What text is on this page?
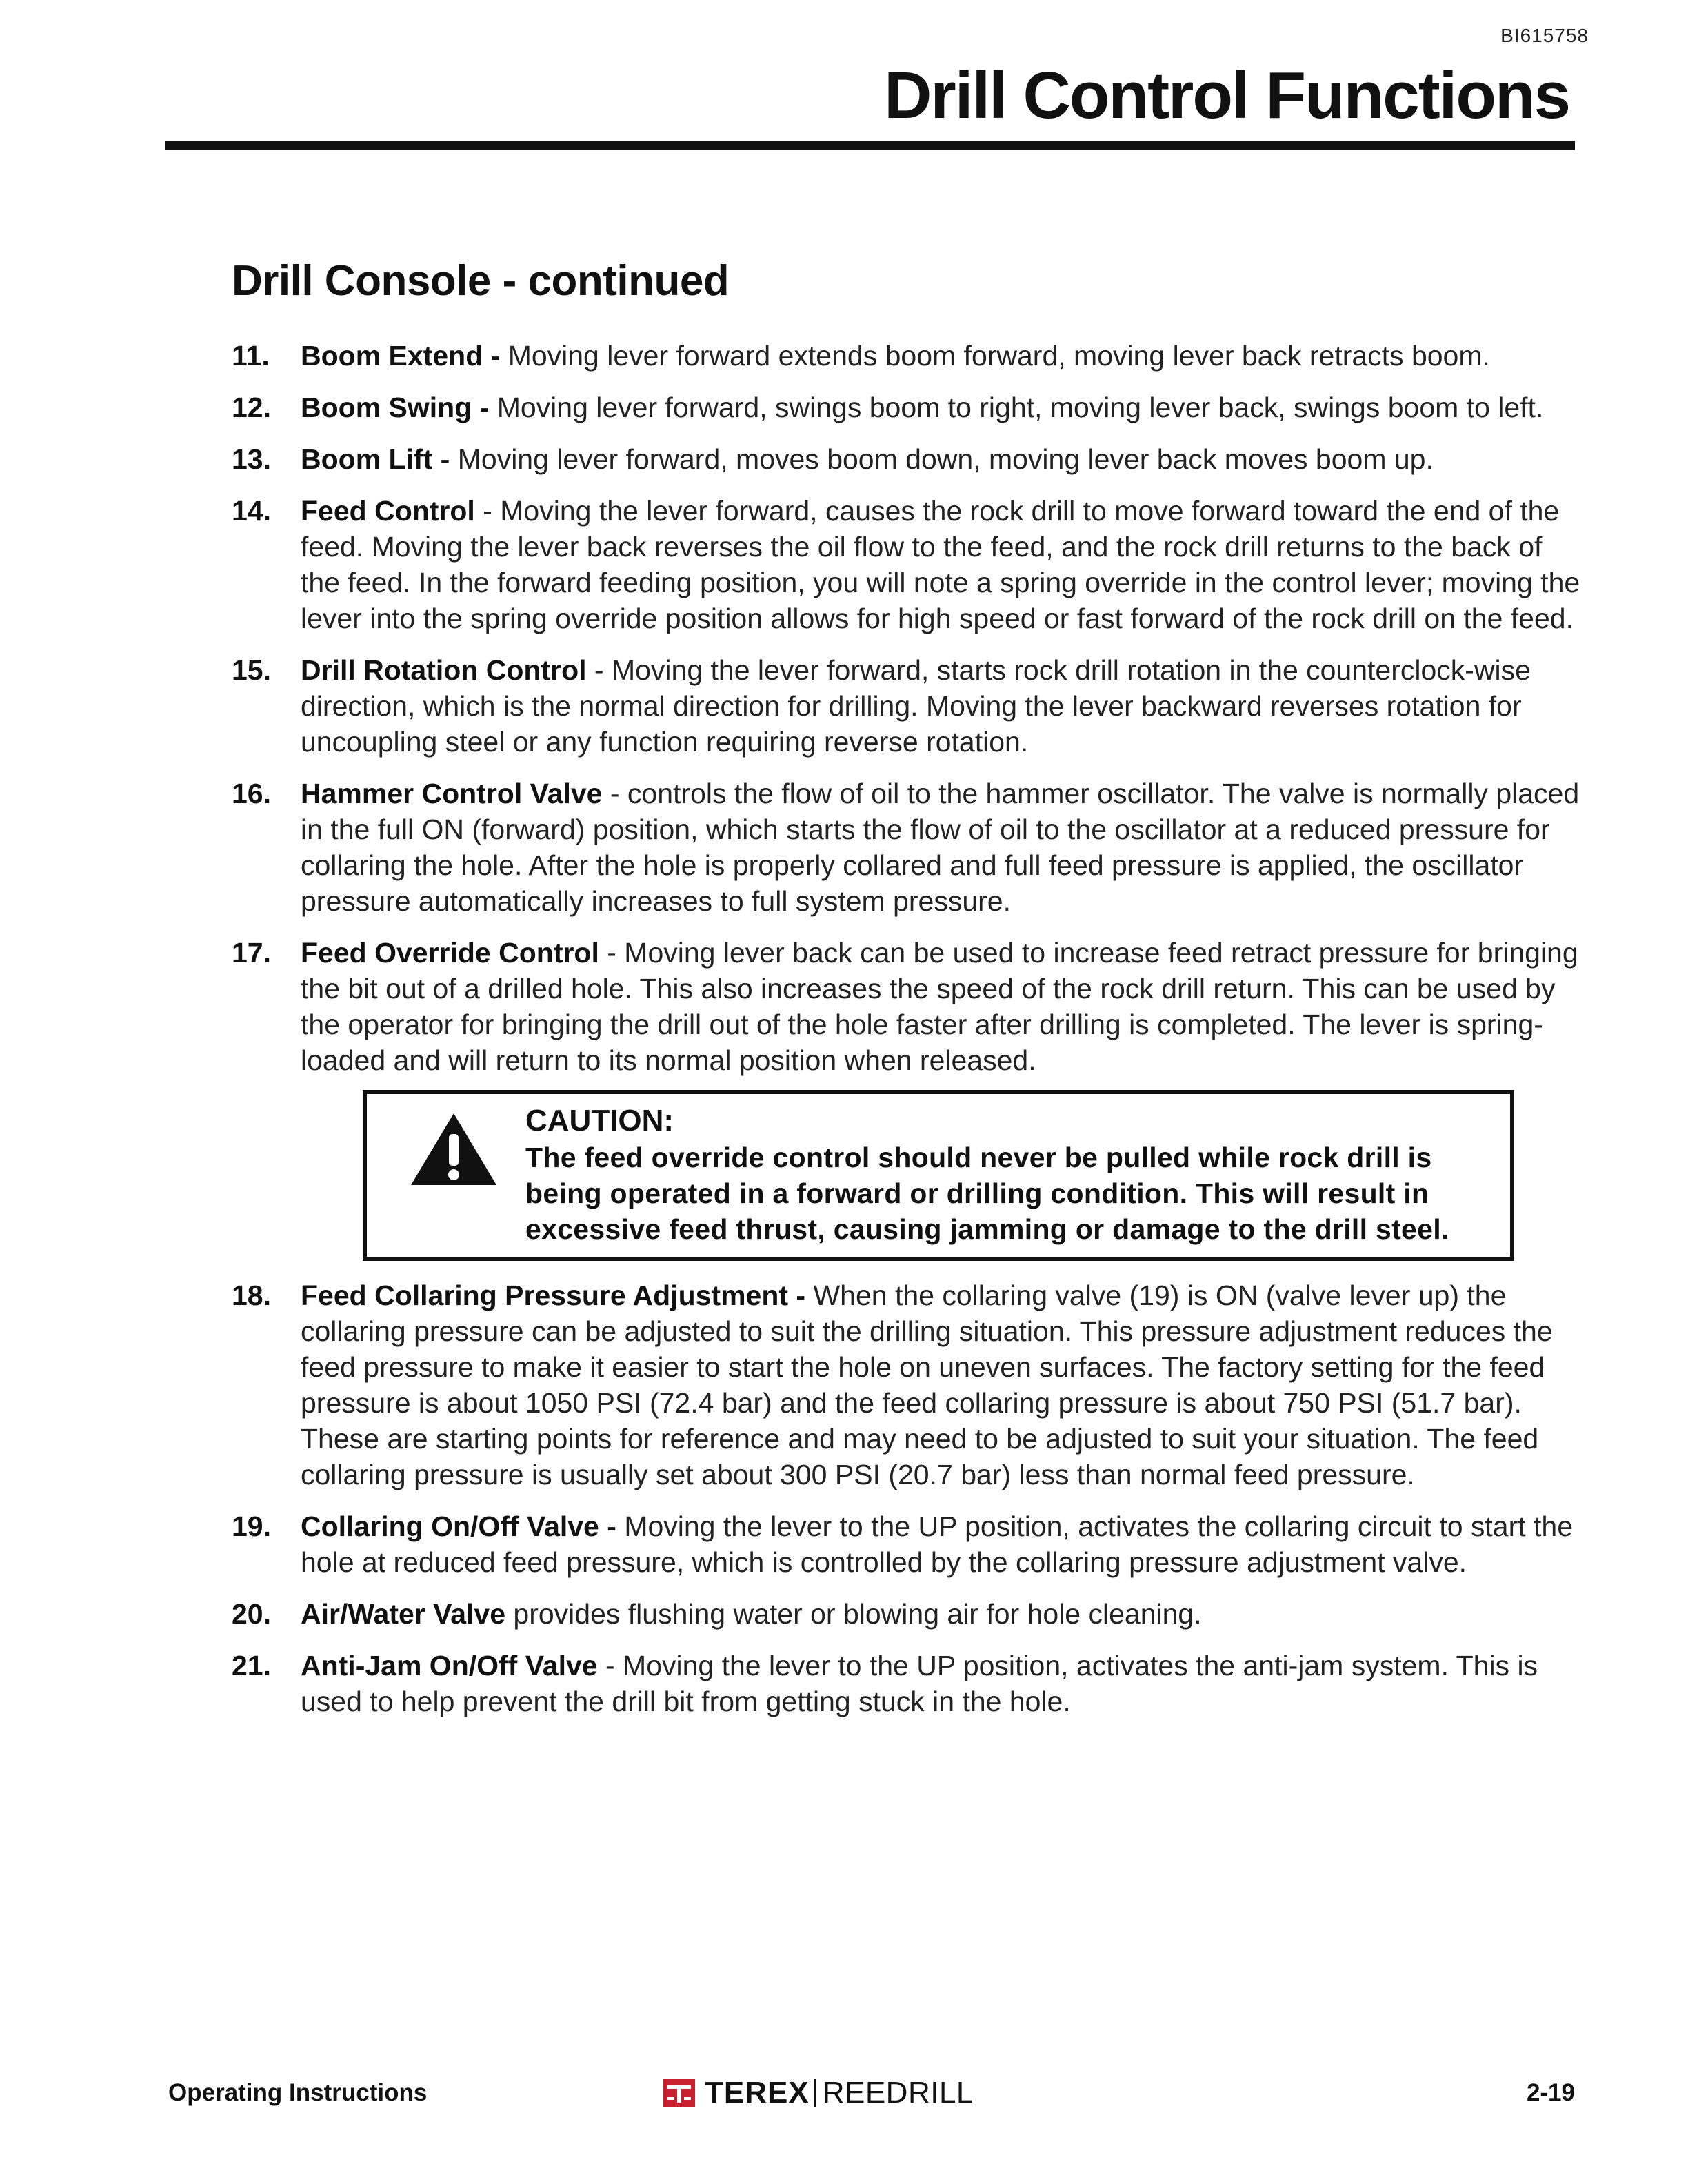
BI615758
Drill Control Functions
Drill Console - continued
11. Boom Extend - Moving lever forward extends boom forward, moving lever back retracts boom.
12. Boom Swing - Moving lever forward, swings boom to right, moving lever back, swings boom to left.
13. Boom Lift - Moving lever forward, moves boom down, moving lever back moves boom up.
14. Feed Control - Moving the lever forward, causes the rock drill to move forward toward the end of the feed. Moving the lever back reverses the oil flow to the feed, and the rock drill returns to the back of the feed. In the forward feeding position, you will note a spring override in the control lever; moving the lever into the spring override position allows for high speed or fast forward of the rock drill on the feed.
15. Drill Rotation Control - Moving the lever forward, starts rock drill rotation in the counterclock-wise direction, which is the normal direction for drilling. Moving the lever backward reverses rotation for uncoupling steel or any function requiring reverse rotation.
16. Hammer Control Valve - controls the flow of oil to the hammer oscillator. The valve is normally placed in the full ON (forward) position, which starts the flow of oil to the oscillator at a reduced pressure for collaring the hole. After the hole is properly collared and full feed pressure is applied, the oscillator pressure automatically increases to full system pressure.
17. Feed Override Control - Moving lever back can be used to increase feed retract pressure for bringing the bit out of a drilled hole. This also increases the speed of the rock drill return. This can be used by the operator for bringing the drill out of the hole faster after drilling is completed. The lever is spring-loaded and will return to its normal position when released.
CAUTION:
The feed override control should never be pulled while rock drill is being operated in a forward or drilling condition. This will result in excessive feed thrust, causing jamming or damage to the drill steel.
18. Feed Collaring Pressure Adjustment - When the collaring valve (19) is ON (valve lever up) the collaring pressure can be adjusted to suit the drilling situation. This pressure adjustment reduces the feed pressure to make it easier to start the hole on uneven surfaces. The factory setting for the feed pressure is about 1050 PSI (72.4 bar) and the feed collaring pressure is about 750 PSI (51.7 bar). These are starting points for reference and may need to be adjusted to suit your situation. The feed collaring pressure is usually set about 300 PSI (20.7 bar) less than normal feed pressure.
19. Collaring On/Off Valve - Moving the lever to the UP position, activates the collaring circuit to start the hole at reduced feed pressure, which is controlled by the collaring pressure adjustment valve.
20. Air/Water Valve provides flushing water or blowing air for hole cleaning.
21. Anti-Jam On/Off Valve - Moving the lever to the UP position, activates the anti-jam system. This is used to help prevent the drill bit from getting stuck in the hole.
Operating Instructions	TEREX REEDRILL	2-19
